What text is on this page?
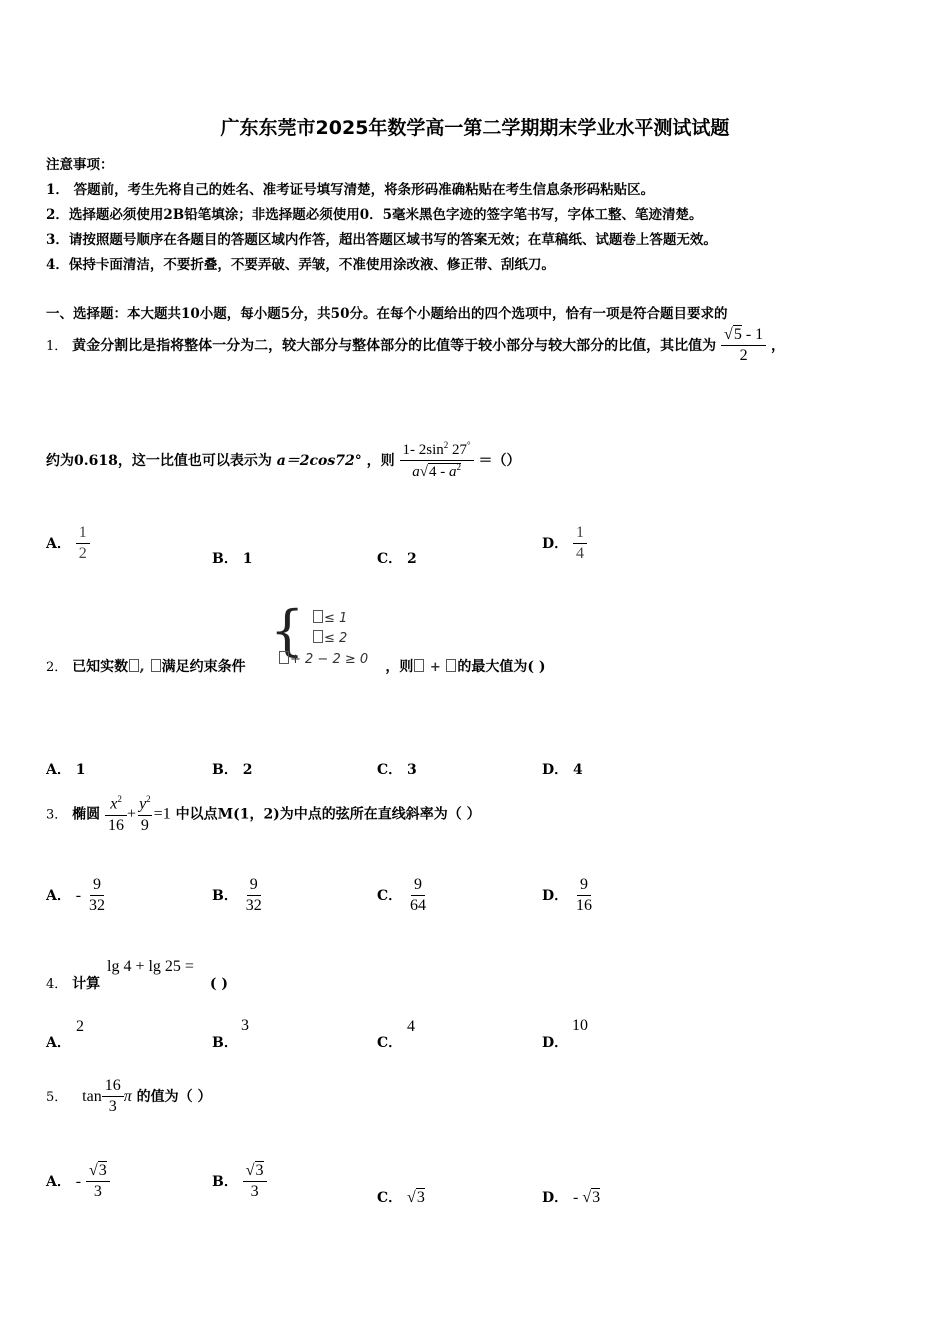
广东东莞市2025年数学高一第二学期期末学业水平测试试题
注意事项：
1． 答题前，考生先将自己的姓名、准考证号填写清楚，将条形码准确粘贴在考生信息条形码粘贴区。
2．选择题必须使用2B铅笔填涂；非选择题必须使用0．5毫米黑色字迹的签字笔书写，字体工整、笔迹清楚。
3．请按照题号顺序在各题目的答题区域内作答，超出答题区域书写的答案无效；在草稿纸、试题卷上答题无效。
4．保持卡面清洁，不要折叠，不要弄破、弄皱，不准使用涂改液、修正带、刮纸刀。
一、选择题：本大题共10小题，每小题5分，共50分。在每个小题给出的四个选项中，恰有一项是符合题目要求的
1． 黄金分割比是指将整体一分为二，较大部分与整体部分的比值等于较小部分与较大部分的比值，其比值为 $\frac{√5 - 1}{2}$ ，
约为0.618，这一比值也可以表示为 a＝2cos72° ，则 $\frac{1- 2\sin^2 27^\circ}{a√4 - a^2}$ ＝（）
A． $\frac{1}{2}$	B． 1	C． 2
D． $\frac{1}{4}$
{	≤ 1
≤ 2
+ 2 − 2 ≥ 0
2． 已知实数 , 满足约束条件	，则 + 的最大值为( )
A． 1	B． 2	C． 3	D． 4
3． 椭圆 $\frac{x^2}{16} + \frac{y^2}{9} =1$ 中以点M(1，2)为中点的弦所在直线斜率为（ ）
A． - $\frac{9}{32}$	B． $\frac{9}{32}$	C． $\frac{9}{64}$	D． $\frac{9}{16}$
lg 4 + lg 25 =
4． 计算	( )
A．
2
B．
3
C．
4
D．
10
5． $\tan \frac{16}{3}$ π 的值为（ ）
A． - $\frac{√3}{3}$	B． $\frac{√3}{3}$	C． √3	D． - √3
